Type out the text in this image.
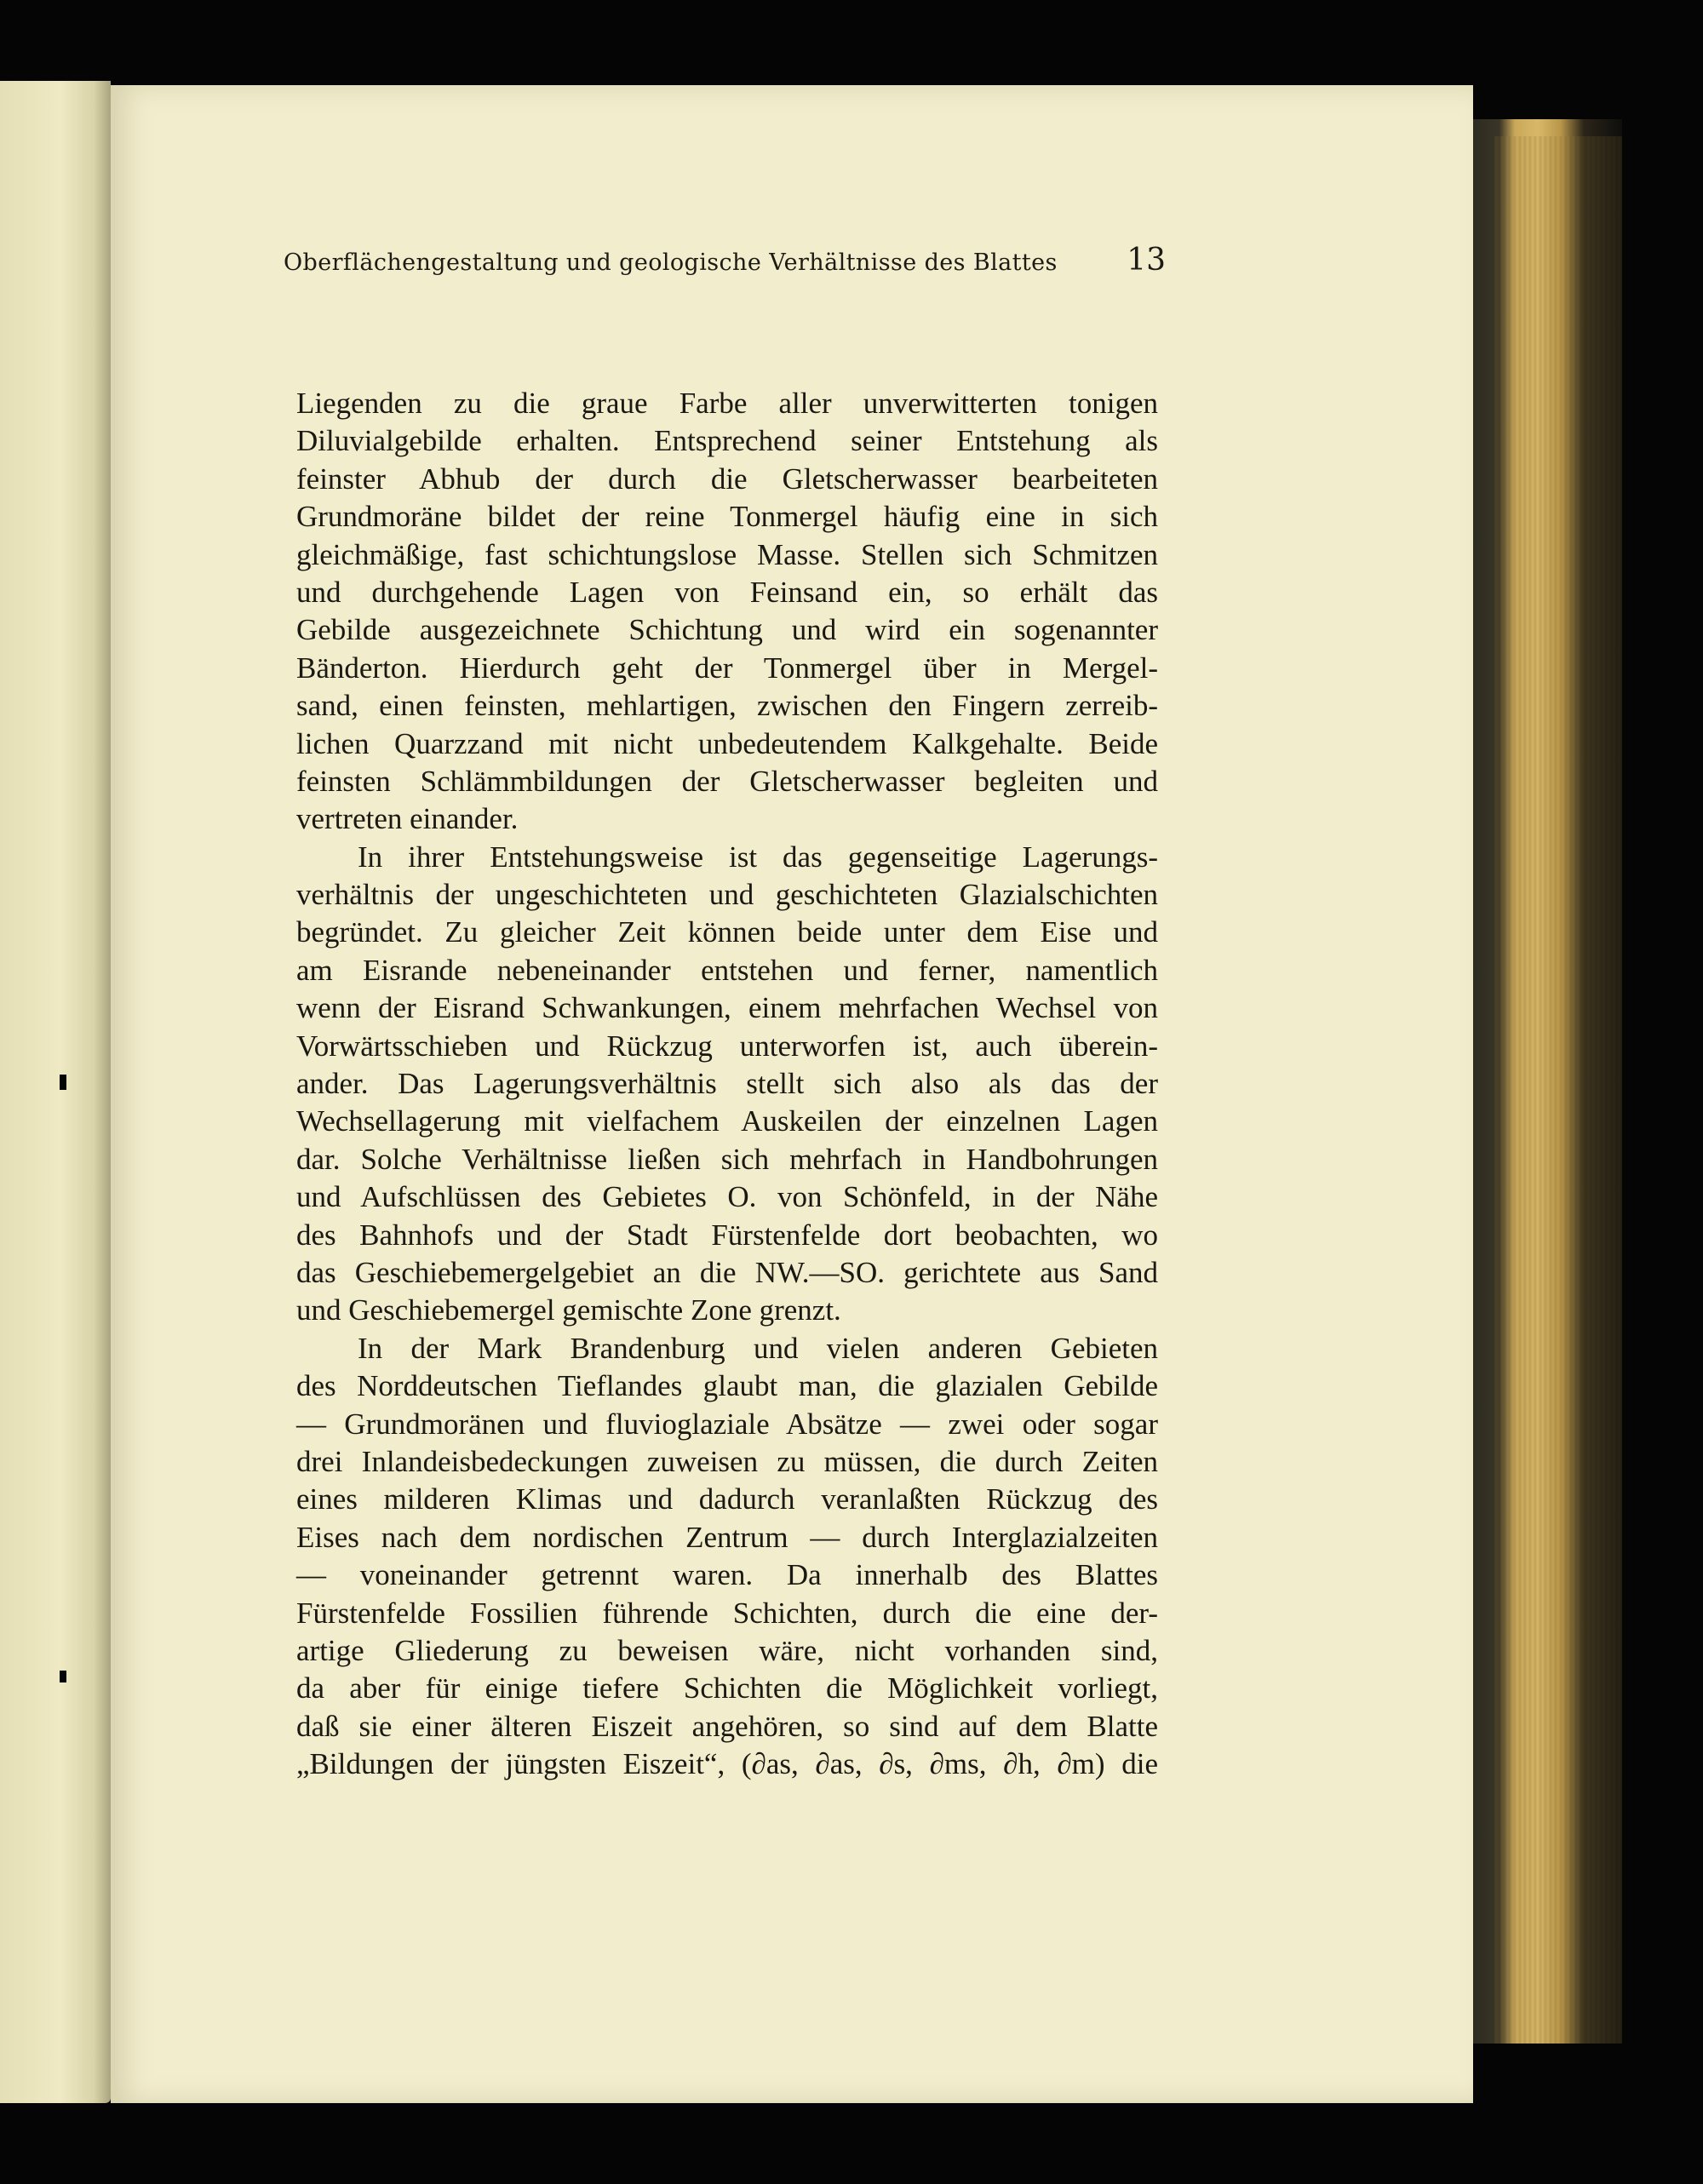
Oberflächengestaltung und geologische Verhältnisse des Blattes 13
Liegenden zu die graue Farbe aller unverwitterten tonigen
Diluvialgebilde erhalten. Entsprechend seiner Entstehung als
feinster Abhub der durch die Gletscherwasser bearbeiteten
Grundmoräne bildet der reine Tonmergel häufig eine in sich
gleichmäßige, fast schichtungslose Masse. Stellen sich Schmitzen
und durchgehende Lagen von Feinsand ein, so erhält das
Gebilde ausgezeichnete Schichtung und wird ein sogenannter
Bänderton. Hierdurch geht der Tonmergel über in Mergel-
sand, einen feinsten, mehlartigen, zwischen den Fingern zerreib-
lichen Quarzzand mit nicht unbedeutendem Kalkgehalte. Beide
feinsten Schlämmbildungen der Gletscherwasser begleiten und
vertreten einander.
In ihrer Entstehungsweise ist das gegenseitige Lagerungs-
verhältnis der ungeschichteten und geschichteten Glazialschichten
begründet. Zu gleicher Zeit können beide unter dem Eise und
am Eisrande nebeneinander entstehen und ferner, namentlich
wenn der Eisrand Schwankungen, einem mehrfachen Wechsel von
Vorwärtsschieben und Rückzug unterworfen ist, auch überein-
ander. Das Lagerungsverhältnis stellt sich also als das der
Wechsellagerung mit vielfachem Auskeilen der einzelnen Lagen
dar. Solche Verhältnisse ließen sich mehrfach in Handbohrungen
und Aufschlüssen des Gebietes O. von Schönfeld, in der Nähe
des Bahnhofs und der Stadt Fürstenfelde dort beobachten, wo
das Geschiebemergelgebiet an die NW.—SO. gerichtete aus Sand
und Geschiebemergel gemischte Zone grenzt.
In der Mark Brandenburg und vielen anderen Gebieten
des Norddeutschen Tieflandes glaubt man, die glazialen Gebilde
— Grundmoränen und fluvioglaziale Absätze — zwei oder sogar
drei Inlandeisbedeckungen zuweisen zu müssen, die durch Zeiten
eines milderen Klimas und dadurch veranlaßten Rückzug des
Eises nach dem nordischen Zentrum — durch Interglazialzeiten
— voneinander getrennt waren. Da innerhalb des Blattes
Fürstenfelde Fossilien führende Schichten, durch die eine der-
artige Gliederung zu beweisen wäre, nicht vorhanden sind,
da aber für einige tiefere Schichten die Möglichkeit vorliegt,
daß sie einer älteren Eiszeit angehören, so sind auf dem Blatte
„Bildungen der jüngsten Eiszeit“, (∂as, ∂as, ∂s, ∂ms, ∂h, ∂m) die
